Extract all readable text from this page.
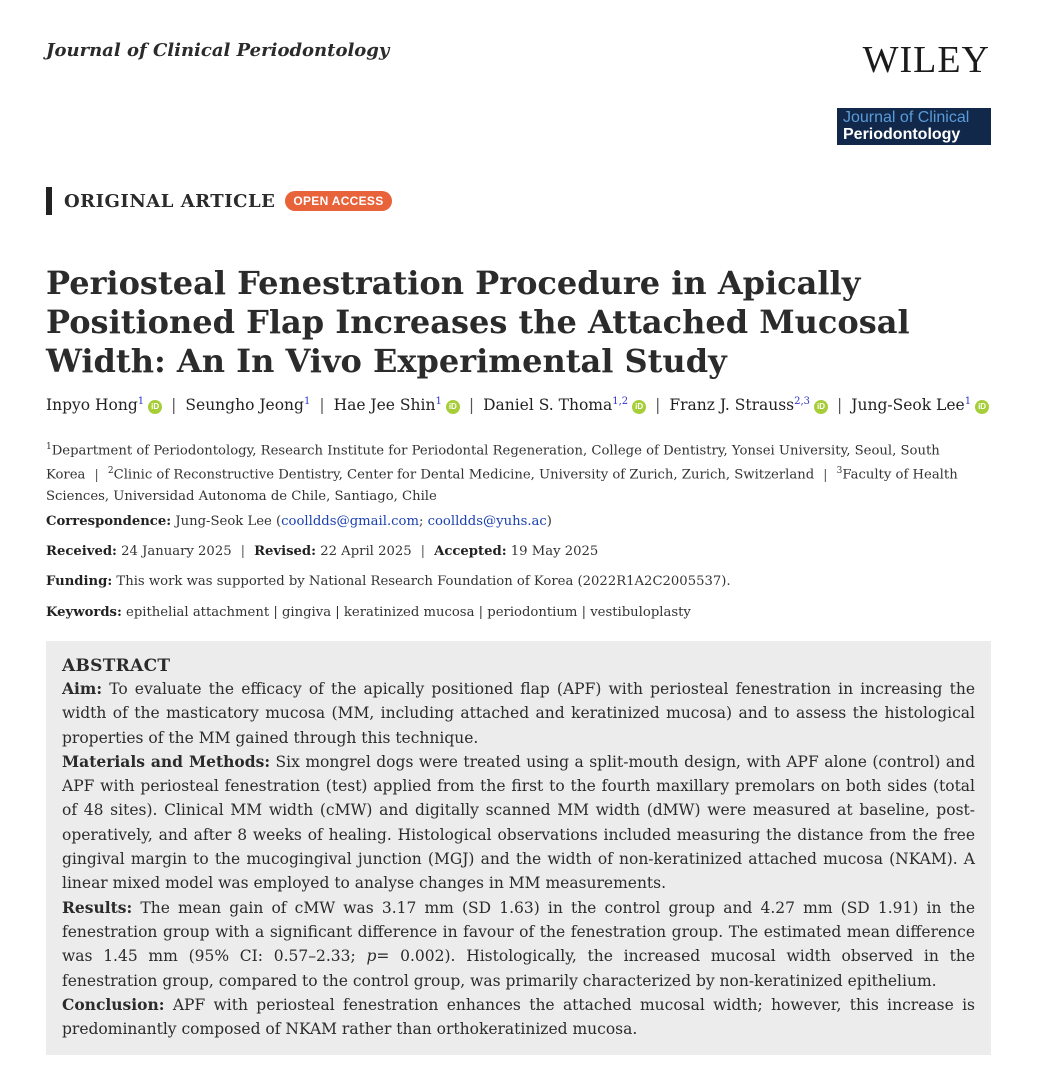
Journal of Clinical Periodontology	WILEY
Journal of Clinical
Periodontology
ORIGINAL ARTICLE	OPEN ACCESS
Periosteal Fenestration Procedure in Apically Positioned Flap Increases the Attached Mucosal Width: An In Vivo Experimental Study
Inpyo Hong$^1$ iD | Seungho Jeong$^1$ | Hae Jee Shin$^1$ iD | Daniel S. Thoma$^{1,2}$ iD | Franz J. Strauss$^{2,3}$ iD | Jung-Seok Lee$^1$ iD
$^1$Department of Periodontology, Research Institute for Periodontal Regeneration, College of Dentistry, Yonsei University, Seoul, South Korea | $^2$Clinic of Reconstructive Dentistry, Center for Dental Medicine, University of Zurich, Zurich, Switzerland | $^3$Faculty of Health Sciences, Universidad Autonoma de Chile, Santiago, Chile
Correspondence: Jung-Seok Lee (coolldds@gmail.com; coolldds@yuhs.ac)
Received: 24 January 2025 | Revised: 22 April 2025 | Accepted: 19 May 2025
Funding: This work was supported by National Research Foundation of Korea (2022R1A2C2005537).
Keywords: epithelial attachment | gingiva | keratinized mucosa | periodontium | vestibuloplasty
ABSTRACT

Aim: To evaluate the efficacy of the apically positioned flap (APF) with periosteal fenestration in increasing the width of the masticatory mucosa (MM, including attached and keratinized mucosa) and to assess the histological properties of the MM gained through this technique.

Materials and Methods: Six mongrel dogs were treated using a split-mouth design, with APF alone (control) and APF with periosteal fenestration (test) applied from the first to the fourth maxillary premolars on both sides (total of 48 sites). Clinical MM width (cMW) and digitally scanned MM width (dMW) were measured at baseline, post-operatively, and after 8 weeks of healing. Histological observations included measuring the distance from the free gingival margin to the mucogingival junction (MGJ) and the width of non-keratinized attached mucosa (NKAM). A linear mixed model was employed to analyse changes in MM measurements.

Results: The mean gain of cMW was 3.17 mm (SD 1.63) in the control group and 4.27 mm (SD 1.91) in the fenestration group with a significant difference in favour of the fenestration group. The estimated mean difference was 1.45 mm (95% CI: 0.57–2.33; p= 0.002). Histologically, the increased mucosal width observed in the fenestration group, compared to the control group, was primarily characterized by non-keratinized epithelium.

Conclusion: APF with periosteal fenestration enhances the attached mucosal width; however, this increase is predominantly composed of NKAM rather than orthokeratinized mucosa.
